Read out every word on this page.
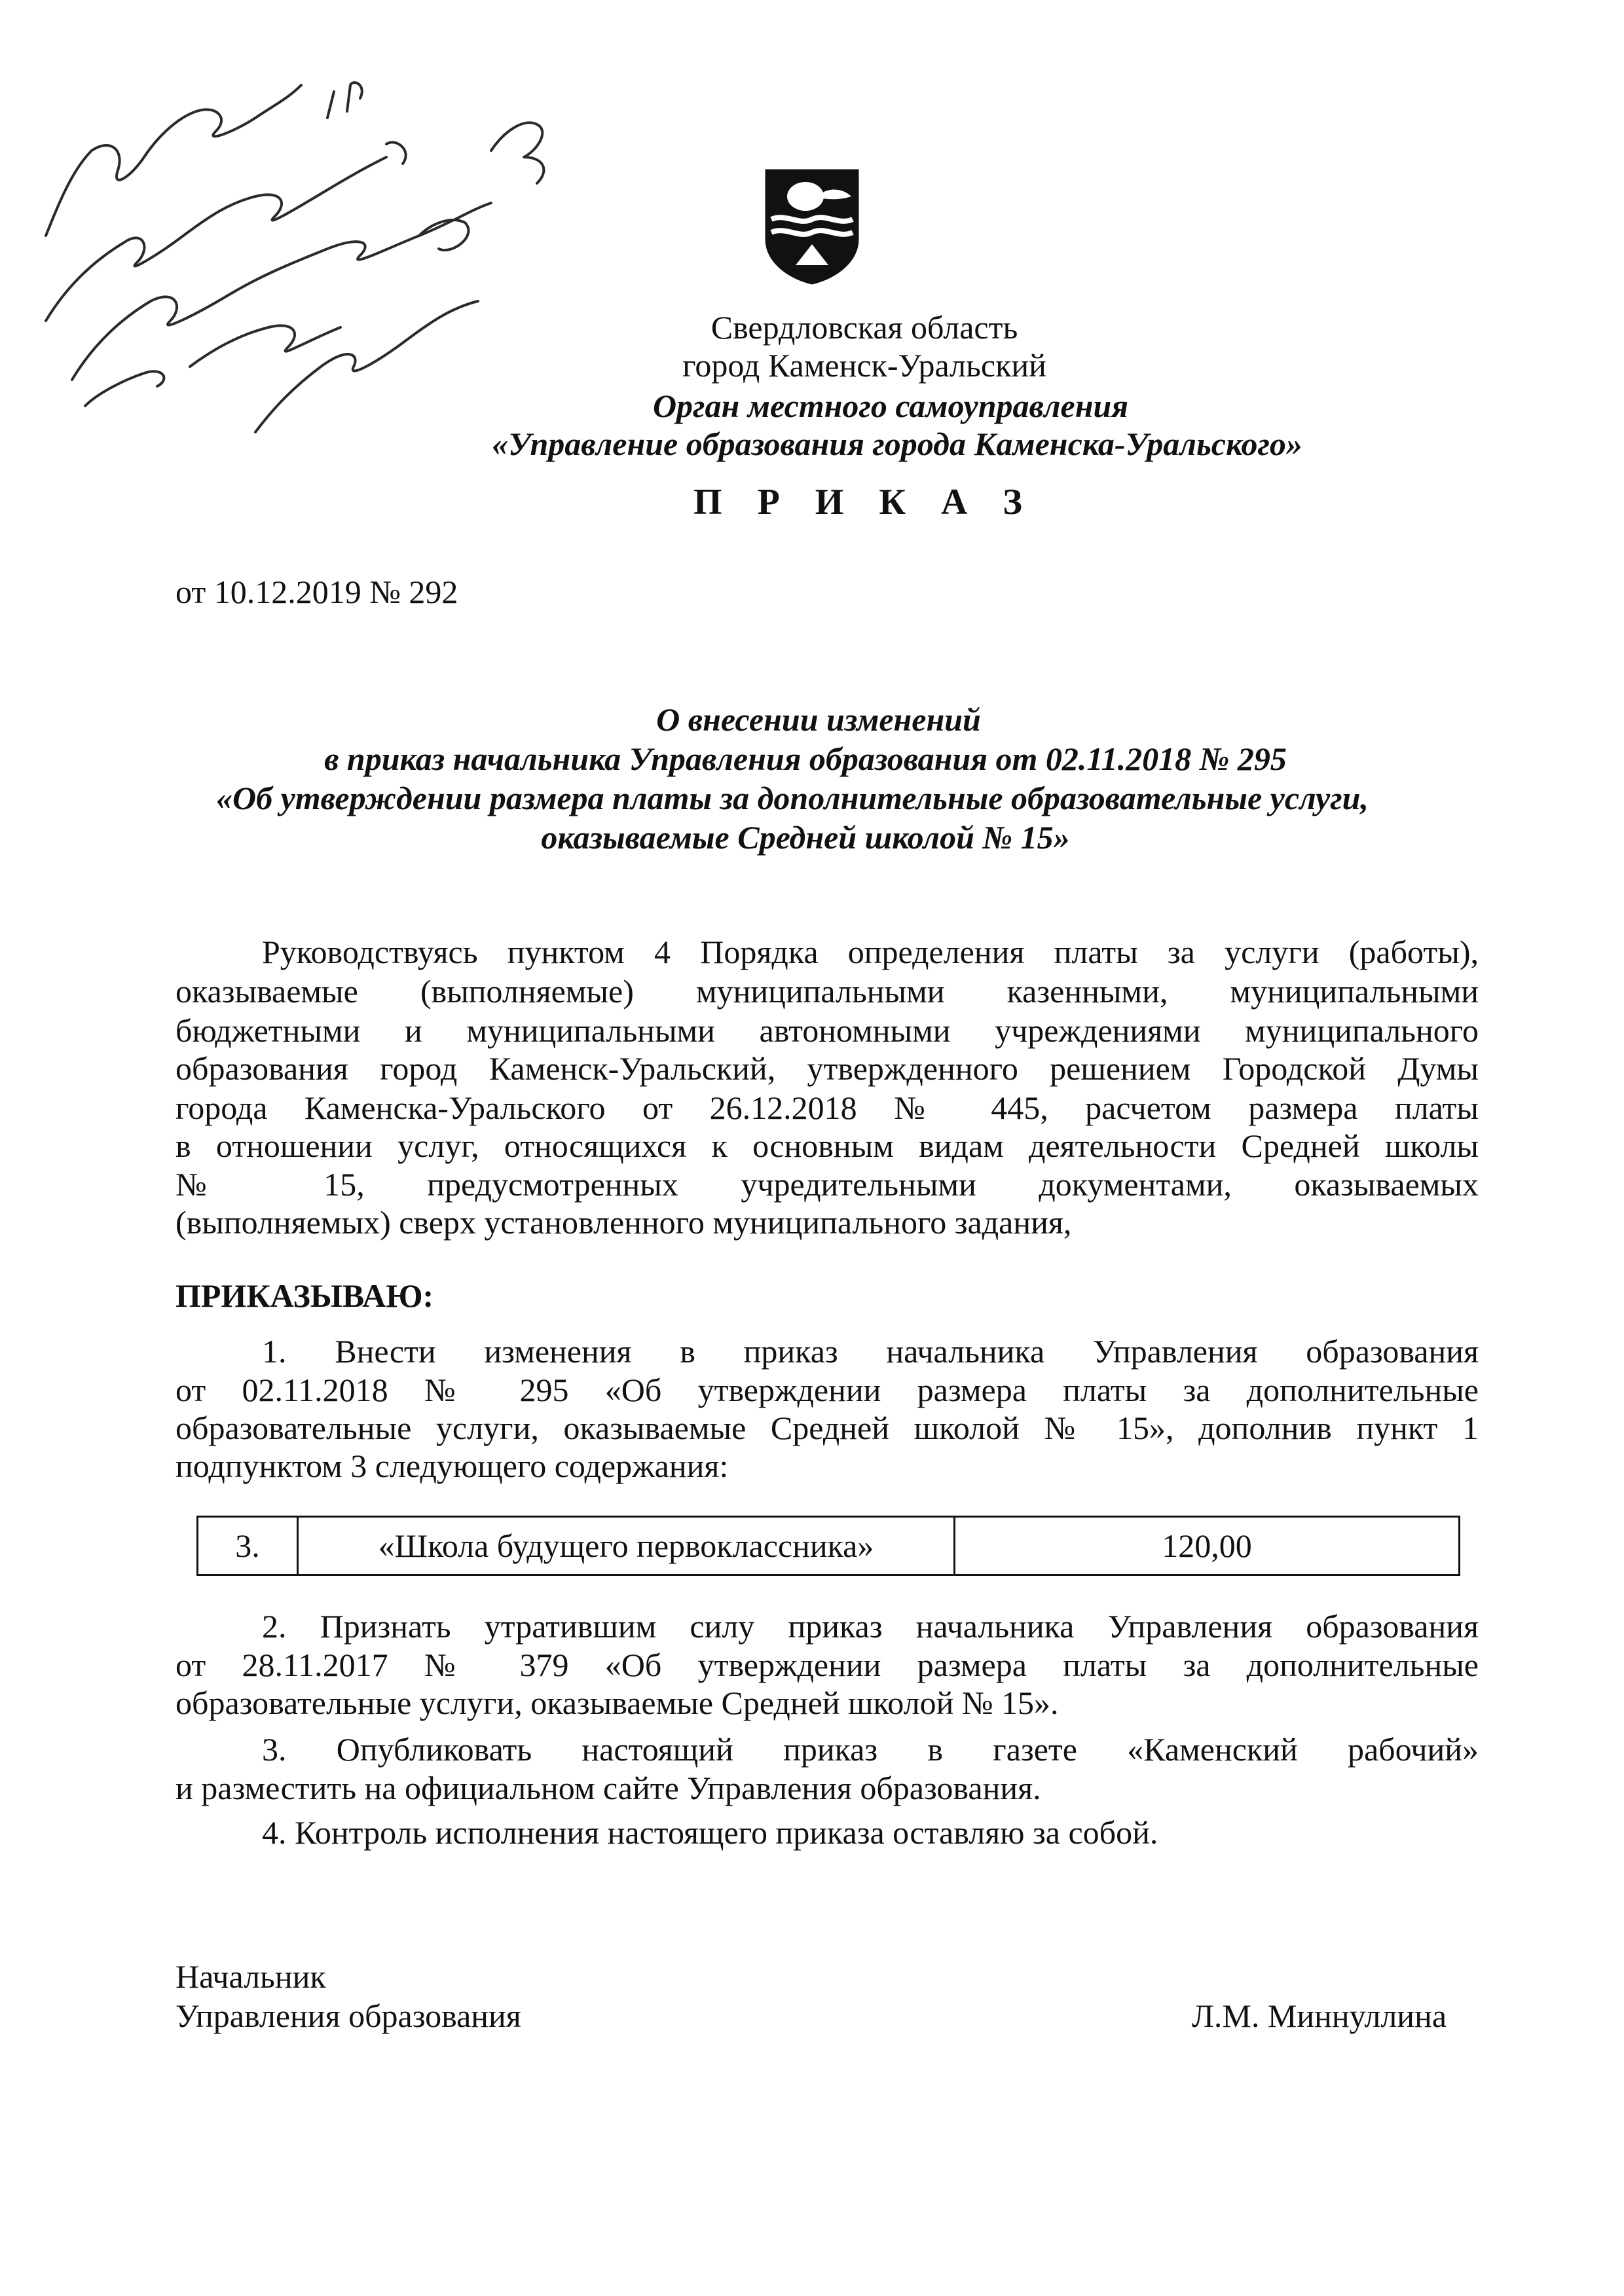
Свердловская область
город Каменск-Уральский
Орган местного самоуправления
«Управление образования города Каменска-Уральского»
П Р И К А З
от 10.12.2019 № 292
О внесении изменений
в приказ начальника Управления образования от 02.11.2018 № 295
«Об утверждении размера платы за дополнительные образовательные услуги,
оказываемые Средней школой № 15»
Руководствуясь пунктом 4 Порядка определения платы за услуги (работы),
оказываемые (выполняемые) муниципальными казенными, муниципальными
бюджетными и муниципальными автономными учреждениями муниципального
образования город Каменск-Уральский, утвержденного решением Городской Думы
города Каменска-Уральского от 26.12.2018 № 445, расчетом размера платы
в отношении услуг, относящихся к основным видам деятельности Средней школы
№ 15, предусмотренных учредительными документами, оказываемых
(выполняемых) сверх установленного муниципального задания,
ПРИКАЗЫВАЮ:
1. Внести изменения в приказ начальника Управления образования
от 02.11.2018 № 295 «Об утверждении размера платы за дополнительные
образовательные услуги, оказываемые Средней школой № 15», дополнив пункт 1
подпунктом 3 следующего содержания:
3.	«Школа будущего первоклассника»	120,00
2. Признать утратившим силу приказ начальника Управления образования
от 28.11.2017 № 379 «Об утверждении размера платы за дополнительные
образовательные услуги, оказываемые Средней школой № 15».
3. Опубликовать настоящий приказ в газете «Каменский рабочий»
и разместить на официальном сайте Управления образования.
4. Контроль исполнения настоящего приказа оставляю за собой.
Начальник
Управления образования	Л.М. Миннуллина
